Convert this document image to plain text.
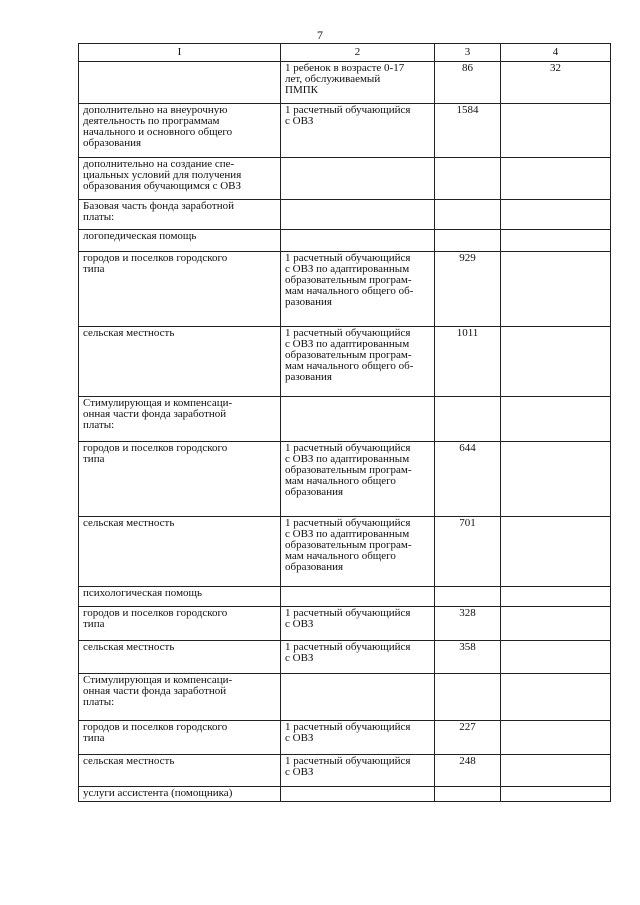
7
I	2	3	4
	1 ребенок в возрасте 0-17
лет, обслуживаемый
ПМПК	86	32
дополнительно на внеурочную
деятельность по программам
начального и основного общего
образования	1 расчетный обучающийся
с ОВЗ	1584	
дополнительно на создание спе-
циальных условий для получения
образования обучающимся с ОВЗ			
Базовая часть фонда заработной
платы:			
логопедическая помощь			
городов и поселков городского
типа	1 расчетный обучающийся
с ОВЗ по адаптированным
образовательным програм-
мам начального общего об-
разования	929	
сельская местность	1 расчетный обучающийся
с ОВЗ по адаптированным
образовательным програм-
мам начального общего об-
разования	1011	
Стимулирующая и компенсаци-
онная части фонда заработной
платы:			
городов и поселков городского
типа	1 расчетный обучающийся
с ОВЗ по адаптированным
образовательным програм-
мам начального общего
образования	644	
сельская местность	1 расчетный обучающийся
с ОВЗ по адаптированным
образовательным програм-
мам начального общего
образования	701	
психологическая помощь			
городов и поселков городского
типа	1 расчетный обучающийся
с ОВЗ	328	
сельская местность	1 расчетный обучающийся
с ОВЗ	358	
Стимулирующая и компенсаци-
онная части фонда заработной
платы:			
городов и поселков городского
типа	1 расчетный обучающийся
с ОВЗ	227	
сельская местность	1 расчетный обучающийся
с ОВЗ	248	
услуги ассистента (помощника)			
